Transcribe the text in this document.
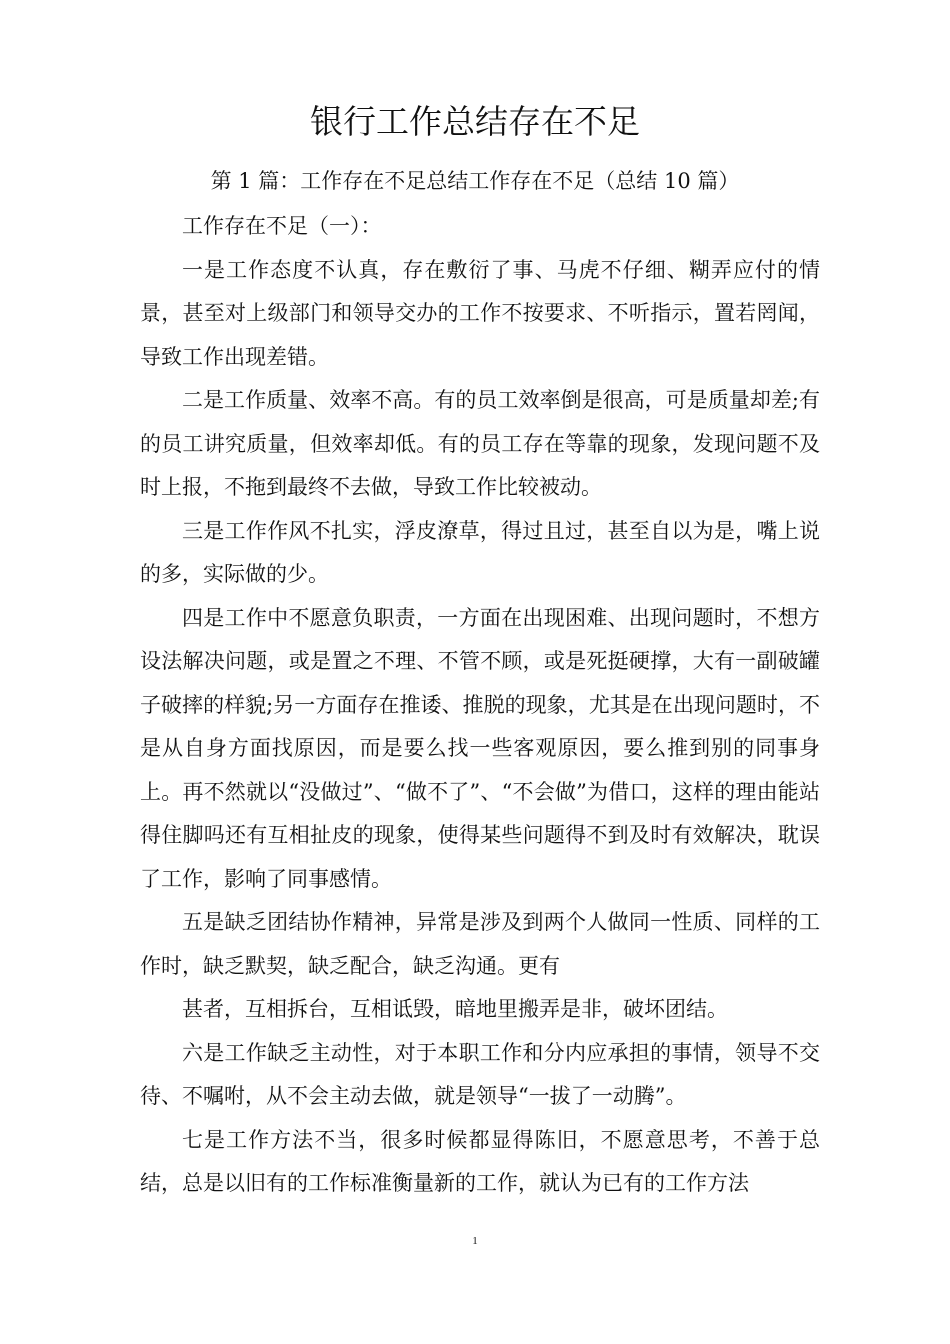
银行工作总结存在不足
第 1 篇：工作存在不足总结工作存在不足（总结 10 篇）

工作存在不足（一）：

一是工作态度不认真，存在敷衍了事、马虎不仔细、糊弄应付的情景，甚至对上级部门和领导交办的工作不按要求、不听指示，置若罔闻，导致工作出现差错。

二是工作质量、效率不高。有的员工效率倒是很高，可是质量却差;有的员工讲究质量，但效率却低。有的员工存在等靠的现象，发现问题不及时上报，不拖到最终不去做，导致工作比较被动。

三是工作作风不扎实，浮皮潦草，得过且过，甚至自以为是，嘴上说的多，实际做的少。

四是工作中不愿意负职责，一方面在出现困难、出现问题时，不想方设法解决问题，或是置之不理、不管不顾，或是死挺硬撑，大有一副破罐子破摔的样貌;另一方面存在推诿、推脱的现象，尤其是在出现问题时，不是从自身方面找原因，而是要么找一些客观原因，要么推到别的同事身上。再不然就以“没做过”、“做不了”、“不会做”为借口，这样的理由能站得住脚吗还有互相扯皮的现象，使得某些问题得不到及时有效解决，耽误了工作，影响了同事感情。

五是缺乏团结协作精神，异常是涉及到两个人做同一性质、同样的工作时，缺乏默契，缺乏配合，缺乏沟通。更有

甚者，互相拆台，互相诋毁，暗地里搬弄是非，破坏团结。

六是工作缺乏主动性，对于本职工作和分内应承担的事情，领导不交待、不嘱咐，从不会主动去做，就是领导“一拔了一动腾”。

七是工作方法不当，很多时候都显得陈旧，不愿意思考，不善于总结，总是以旧有的工作标准衡量新的工作，就认为已有的工作方法

1
